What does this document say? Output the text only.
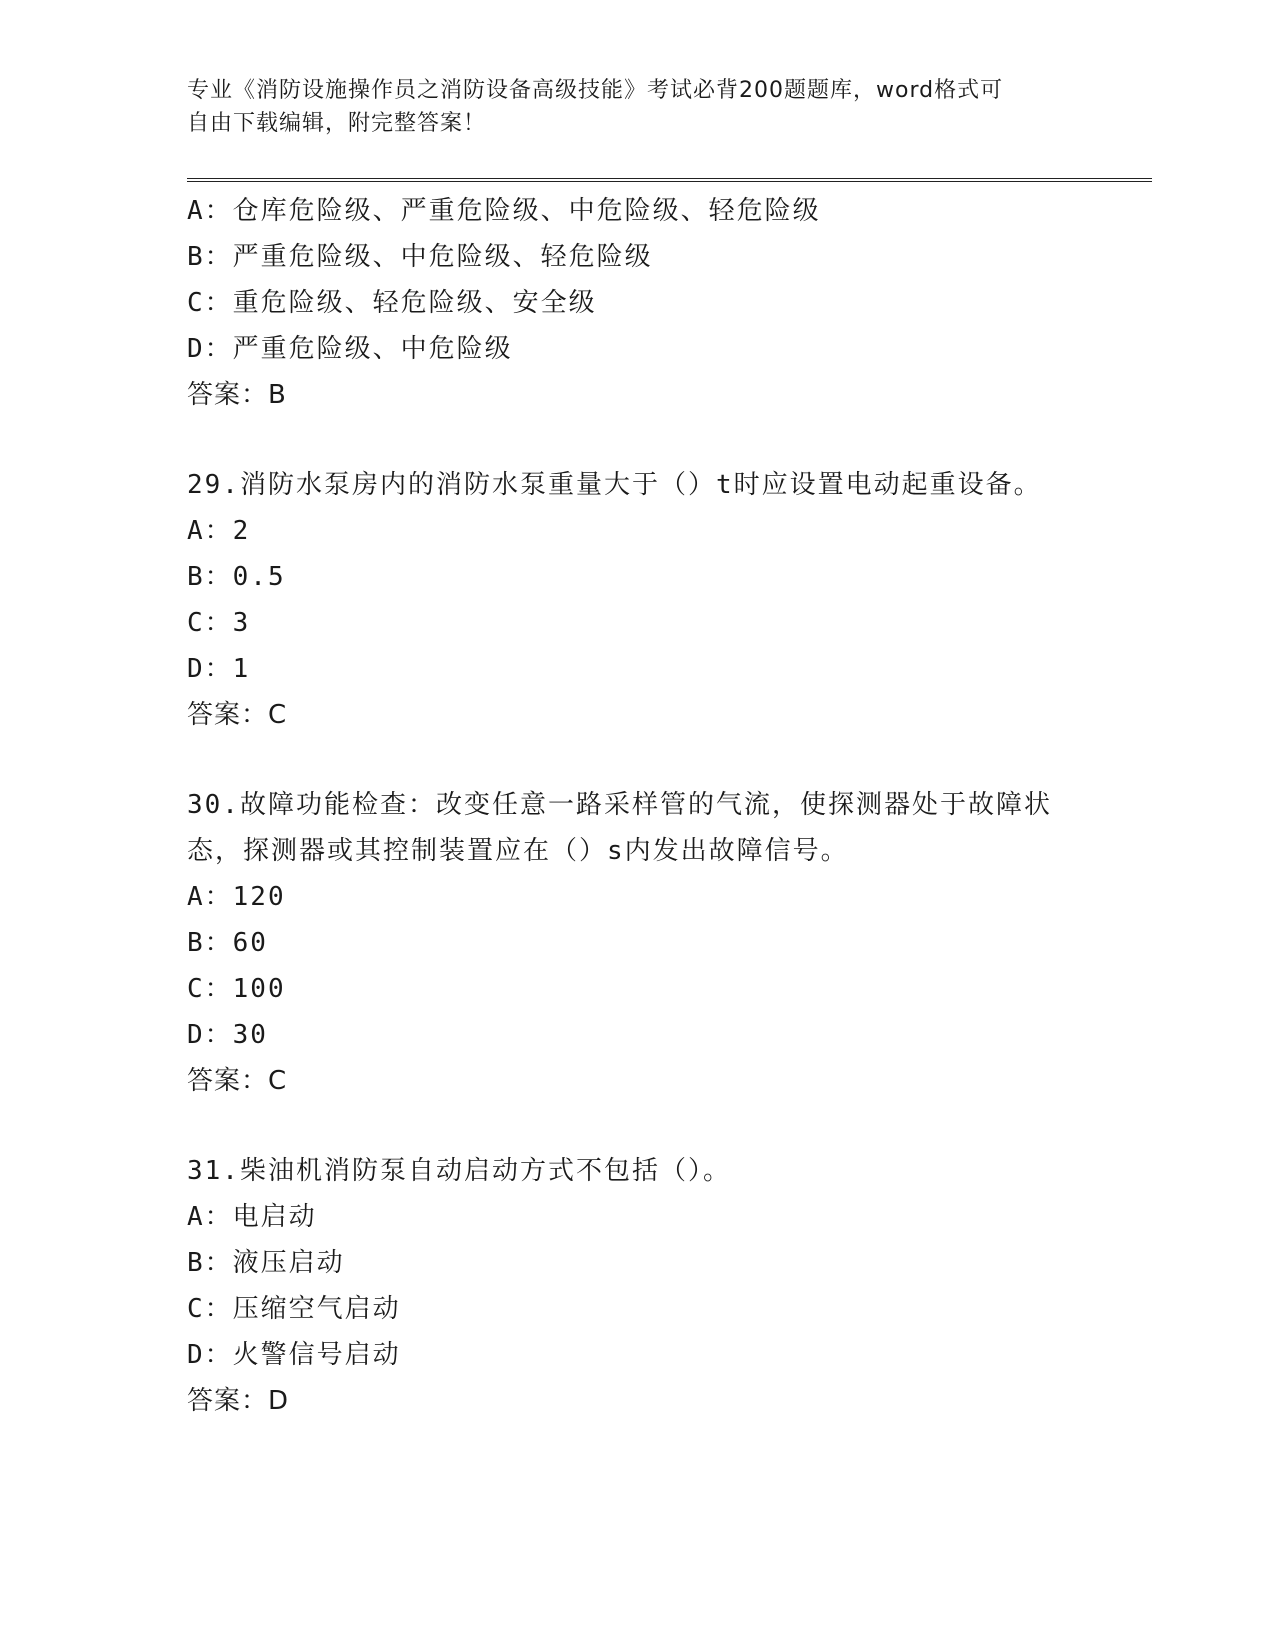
专业《消防设施操作员之消防设备高级技能》考试必背200题题库，word格式可
自由下载编辑，附完整答案！
A：仓库危险级、严重危险级、中危险级、轻危险级
B：严重危险级、中危险级、轻危险级
C：重危险级、轻危险级、安全级
D：严重危险级、中危险级
答案：B
29.消防水泵房内的消防水泵重量大于（）t时应设置电动起重设备。
A：2
B：0.5
C：3
D：1
答案：C
30.故障功能检查：改变任意一路采样管的气流，使探测器处于故障状
态，探测器或其控制装置应在（）s内发出故障信号。
A：120
B：60
C：100
D：30
答案：C
31.柴油机消防泵自动启动方式不包括（）。
A：电启动
B：液压启动
C：压缩空气启动
D：火警信号启动
答案：D
